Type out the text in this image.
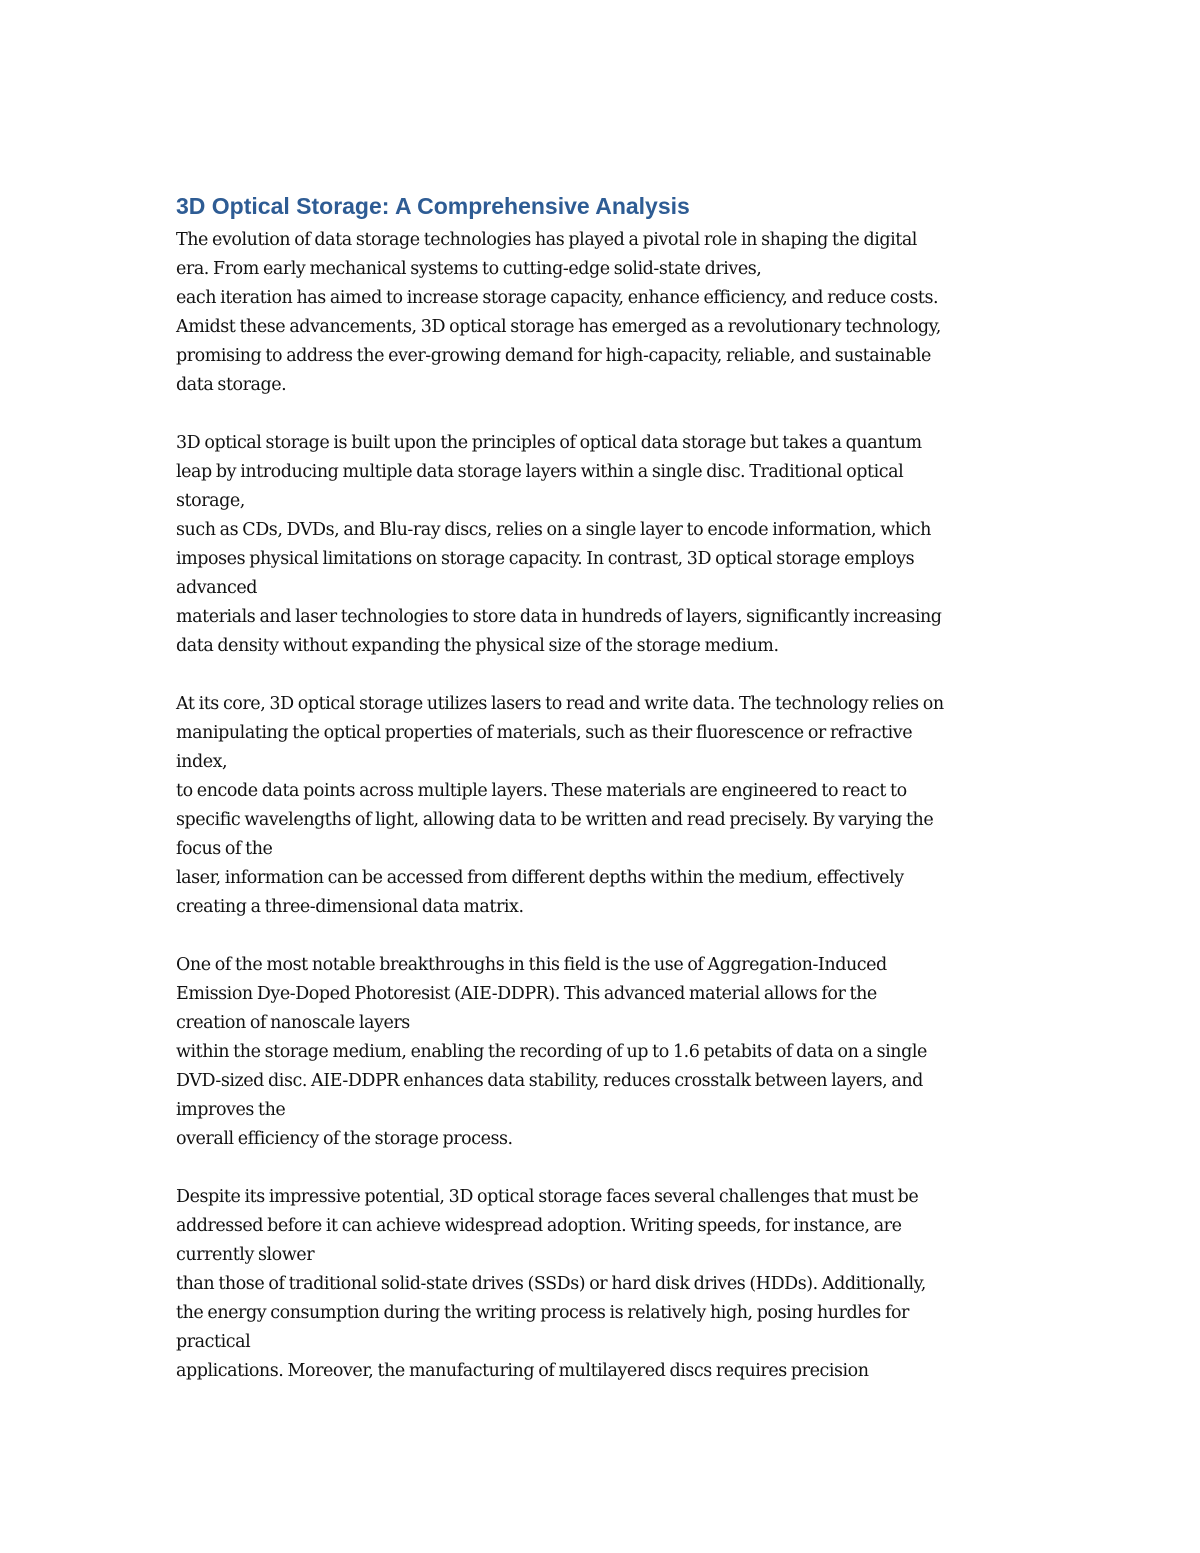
3D Optical Storage: A Comprehensive Analysis
The evolution of data storage technologies has played a pivotal role in shaping the digital
era. From early mechanical systems to cutting-edge solid-state drives,
each iteration has aimed to increase storage capacity, enhance efficiency, and reduce costs.
Amidst these advancements, 3D optical storage has emerged as a revolutionary technology,
promising to address the ever-growing demand for high-capacity, reliable, and sustainable
data storage.
3D optical storage is built upon the principles of optical data storage but takes a quantum
leap by introducing multiple data storage layers within a single disc. Traditional optical
storage,
such as CDs, DVDs, and Blu-ray discs, relies on a single layer to encode information, which
imposes physical limitations on storage capacity. In contrast, 3D optical storage employs
advanced
materials and laser technologies to store data in hundreds of layers, significantly increasing
data density without expanding the physical size of the storage medium.
At its core, 3D optical storage utilizes lasers to read and write data. The technology relies on
manipulating the optical properties of materials, such as their fluorescence or refractive
index,
to encode data points across multiple layers. These materials are engineered to react to
specific wavelengths of light, allowing data to be written and read precisely. By varying the
focus of the
laser, information can be accessed from different depths within the medium, effectively
creating a three-dimensional data matrix.
One of the most notable breakthroughs in this field is the use of Aggregation-Induced
Emission Dye-Doped Photoresist (AIE-DDPR). This advanced material allows for the
creation of nanoscale layers
within the storage medium, enabling the recording of up to 1.6 petabits of data on a single
DVD-sized disc. AIE-DDPR enhances data stability, reduces crosstalk between layers, and
improves the
overall efficiency of the storage process.
Despite its impressive potential, 3D optical storage faces several challenges that must be
addressed before it can achieve widespread adoption. Writing speeds, for instance, are
currently slower
than those of traditional solid-state drives (SSDs) or hard disk drives (HDDs). Additionally,
the energy consumption during the writing process is relatively high, posing hurdles for
practical
applications. Moreover, the manufacturing of multilayered discs requires precision
